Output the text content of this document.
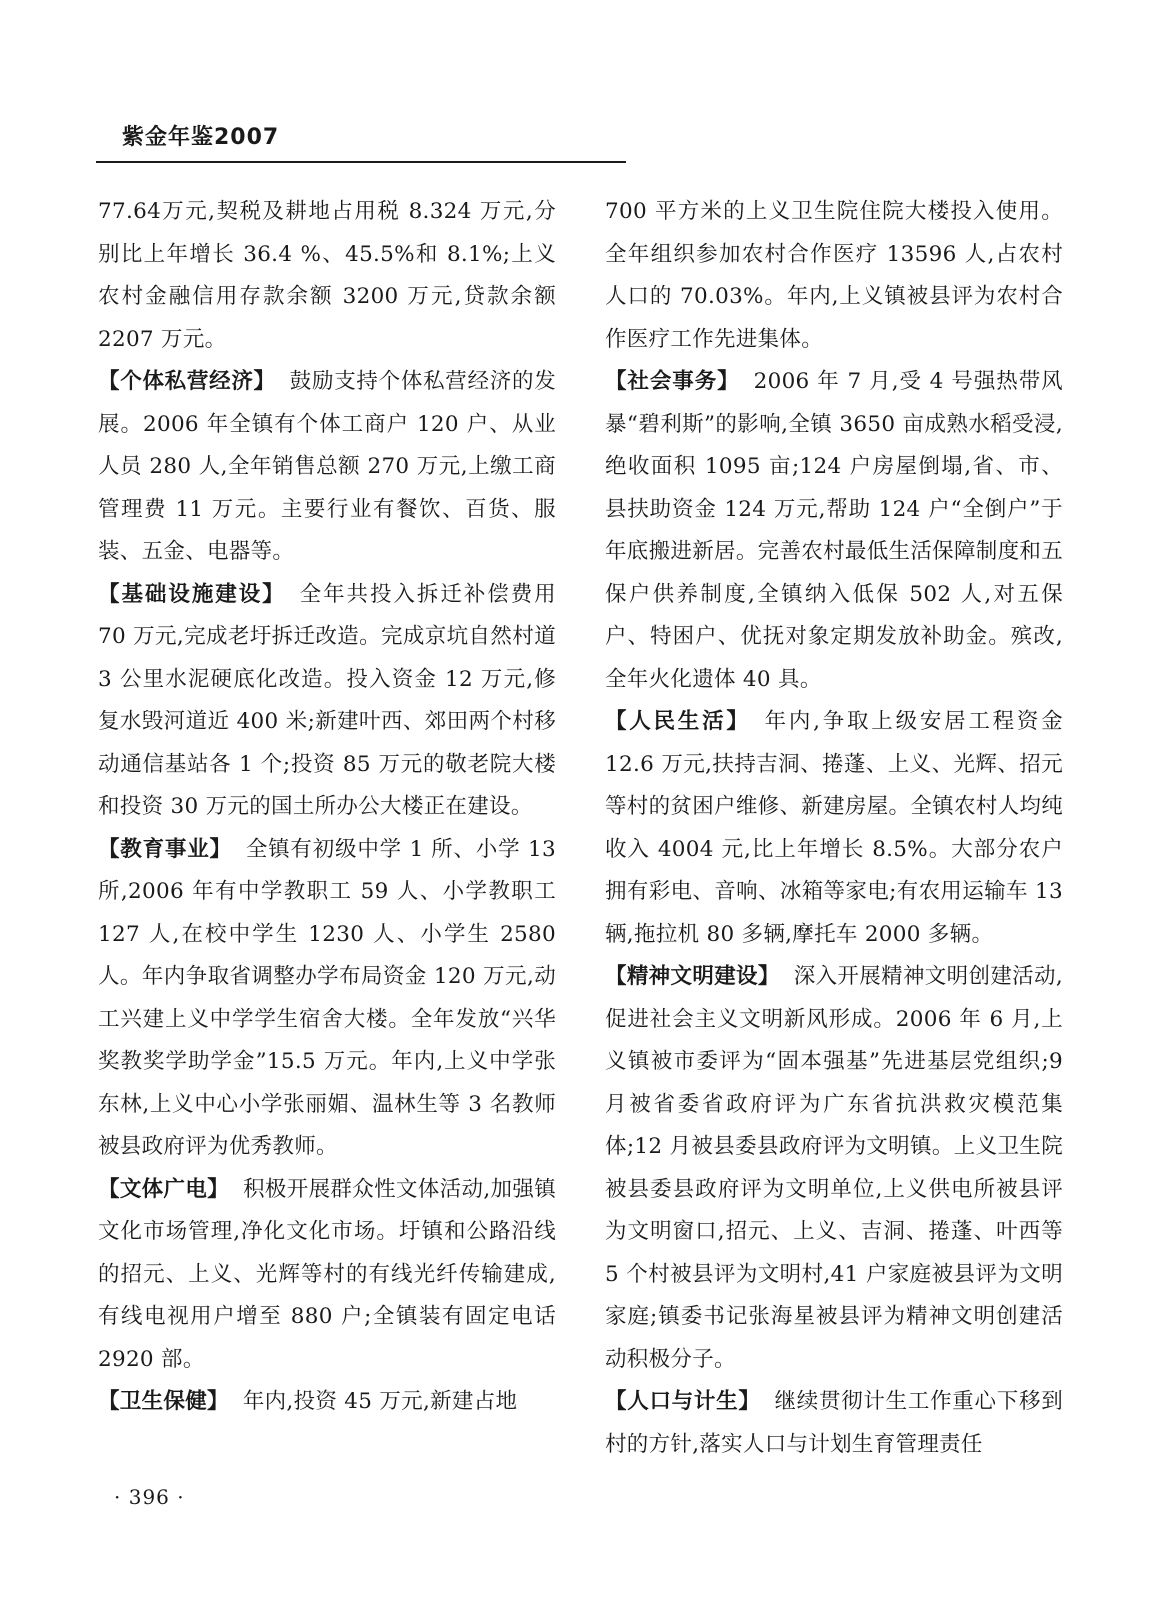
紫金年鉴2007

77.64万元,契税及耕地占用税 8.324 万元,分别比上年增长 36.4 %、45.5%和 8.1%;上义农村金融信用存款余额 3200 万元,贷款余额 2207 万元。

【个体私营经济】 鼓励支持个体私营经济的发展。2006 年全镇有个体工商户 120 户、从业人员 280 人,全年销售总额 270 万元,上缴工商管理费 11 万元。主要行业有餐饮、百货、服装、五金、电器等。

【基础设施建设】 全年共投入拆迁补偿费用 70 万元,完成老圩拆迁改造。完成京坑自然村道 3 公里水泥硬底化改造。投入资金 12 万元,修复水毁河道近 400 米;新建叶西、郊田两个村移动通信基站各 1 个;投资 85 万元的敬老院大楼和投资 30 万元的国土所办公大楼正在建设。

【教育事业】 全镇有初级中学 1 所、小学 13 所,2006 年有中学教职工 59 人、小学教职工 127 人,在校中学生 1230 人、小学生 2580 人。年内争取省调整办学布局资金 120 万元,动工兴建上义中学学生宿舍大楼。全年发放“兴华奖教奖学助学金”15.5 万元。年内,上义中学张东林,上义中心小学张丽媚、温林生等 3 名教师被县政府评为优秀教师。

【文体广电】 积极开展群众性文体活动,加强镇文化市场管理,净化文化市场。圩镇和公路沿线的招元、上义、光辉等村的有线光纤传输建成,有线电视用户增至 880 户;全镇装有固定电话 2920 部。

【卫生保健】 年内,投资 45 万元,新建占地

700 平方米的上义卫生院住院大楼投入使用。全年组织参加农村合作医疗 13596 人,占农村人口的 70.03%。年内,上义镇被县评为农村合作医疗工作先进集体。

【社会事务】 2006 年 7 月,受 4 号强热带风暴“碧利斯”的影响,全镇 3650 亩成熟水稻受浸,绝收面积 1095 亩;124 户房屋倒塌,省、市、县扶助资金 124 万元,帮助 124 户“全倒户”于年底搬进新居。完善农村最低生活保障制度和五保户供养制度,全镇纳入低保 502 人,对五保户、特困户、优抚对象定期发放补助金。殡改,全年火化遗体 40 具。

【人民生活】 年内,争取上级安居工程资金 12.6 万元,扶持吉洞、捲蓬、上义、光辉、招元等村的贫困户维修、新建房屋。全镇农村人均纯收入 4004 元,比上年增长 8.5%。大部分农户拥有彩电、音响、冰箱等家电;有农用运输车 13 辆,拖拉机 80 多辆,摩托车 2000 多辆。

【精神文明建设】 深入开展精神文明创建活动,促进社会主义文明新风形成。2006 年 6 月,上义镇被市委评为“固本强基”先进基层党组织;9 月被省委省政府评为广东省抗洪救灾模范集体;12 月被县委县政府评为文明镇。上义卫生院被县委县政府评为文明单位,上义供电所被县评为文明窗口,招元、上义、吉洞、捲蓬、叶西等 5 个村被县评为文明村,41 户家庭被县评为文明家庭;镇委书记张海星被县评为精神文明创建活动积极分子。

【人口与计生】 继续贯彻计生工作重心下移到村的方针,落实人口与计划生育管理责任

· 396 ·
